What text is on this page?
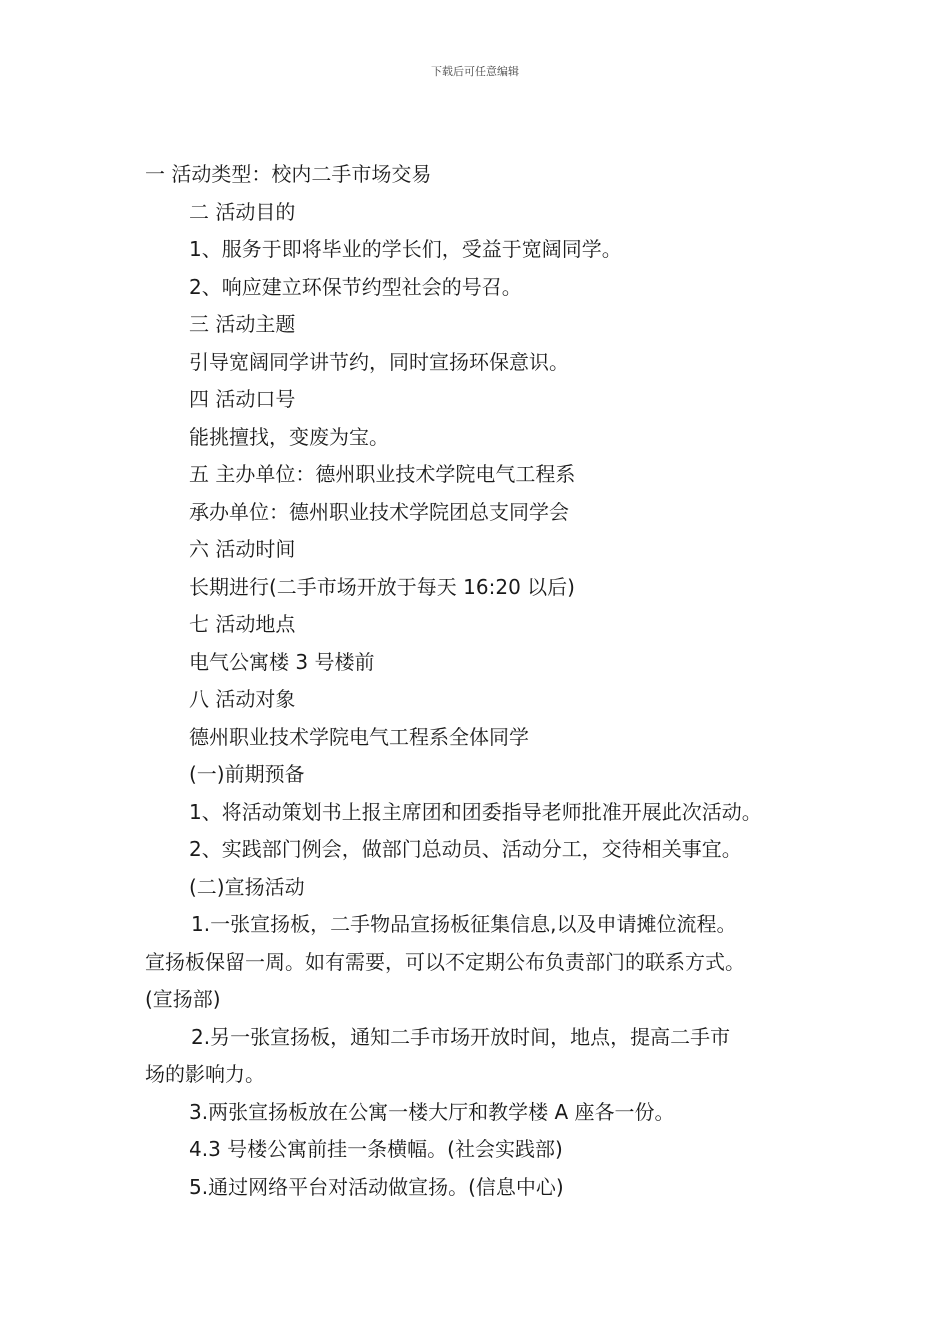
下载后可任意编辑
一 活动类型：校内二手市场交易
二 活动目的
1、服务于即将毕业的学长们，受益于宽阔同学。
2、响应建立环保节约型社会的号召。
三 活动主题
引导宽阔同学讲节约，同时宣扬环保意识。
四 活动口号
能挑擅找，变废为宝。
五 主办单位：德州职业技术学院电气工程系
承办单位：德州职业技术学院团总支同学会
六 活动时间
长期进行(二手市场开放于每天 16:20 以后)
七 活动地点
电气公寓楼 3 号楼前
八 活动对象
德州职业技术学院电气工程系全体同学
(一)前期预备
1、将活动策划书上报主席团和团委指导老师批准开展此次活动。
2、实践部门例会，做部门总动员、活动分工，交待相关事宜。
(二)宣扬活动
1.一张宣扬板，二手物品宣扬板征集信息,以及申请摊位流程。
宣扬板保留一周。如有需要，可以不定期公布负责部门的联系方式。
(宣扬部)
2.另一张宣扬板，通知二手市场开放时间，地点，提高二手市
场的影响力。
3.两张宣扬板放在公寓一楼大厅和教学楼 A 座各一份。
4.3 号楼公寓前挂一条横幅。(社会实践部)
5.通过网络平台对活动做宣扬。(信息中心)
